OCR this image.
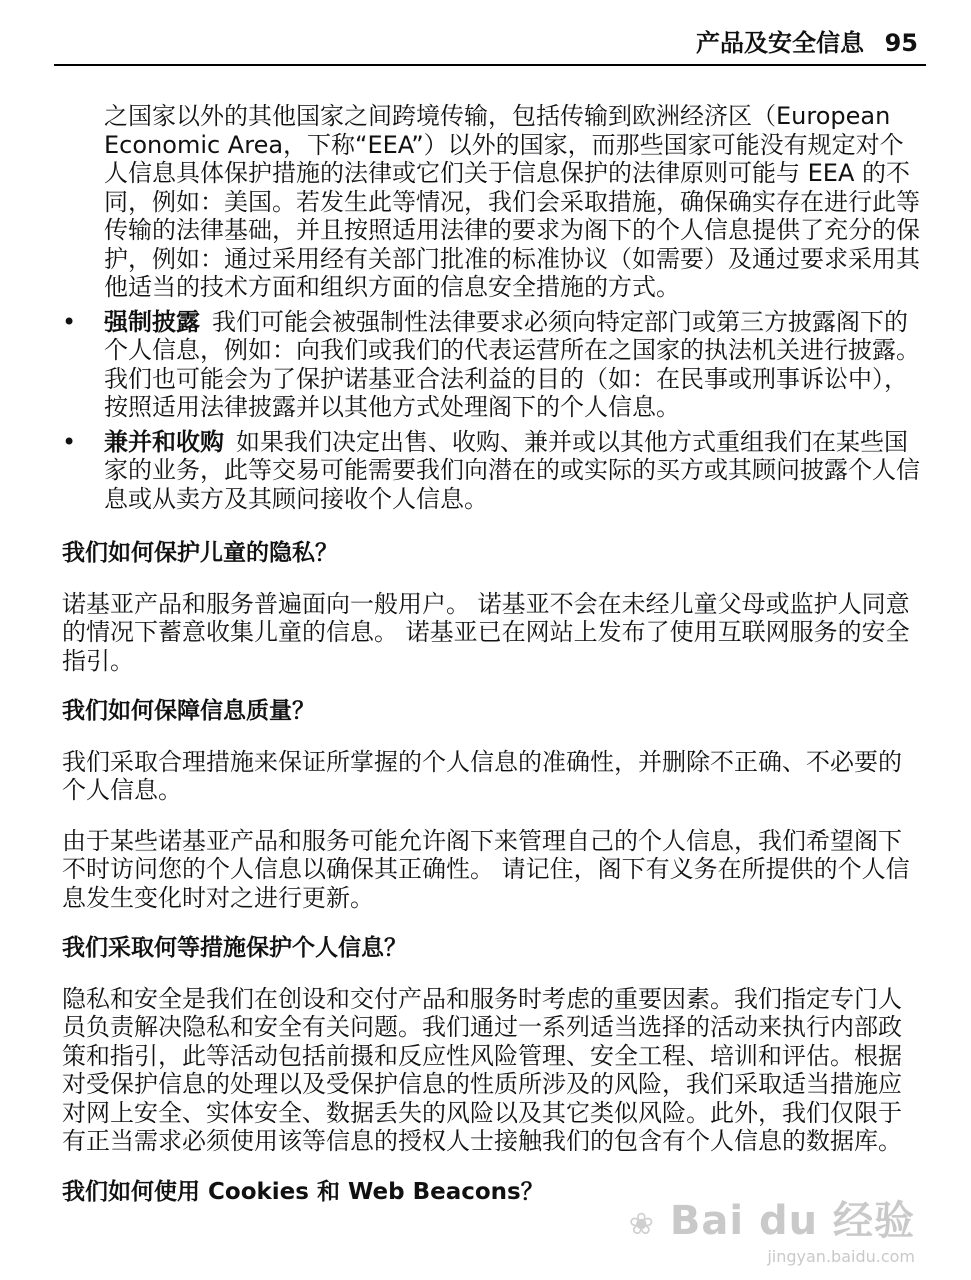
产品及安全信息 95
之国家以外的其他国家之间跨境传输，包括传输到欧洲经济区（European Economic Area，下称“EEA”）以外的国家，而那些国家可能没有规定对个人信息具体保护措施的法律或它们关于信息保护的法律原则可能与 EEA 的不同，例如：美国。若发生此等情况，我们会采取措施，确保确实存在进行此等传输的法律基础，并且按照适用法律的要求为阁下的个人信息提供了充分的保护，例如：通过采用经有关部门批准的标准协议（如需要）及通过要求采用其他适当的技术方面和组织方面的信息安全措施的方式。
• 强制披露 我们可能会被强制性法律要求必须向特定部门或第三方披露阁下的个人信息，例如：向我们或我们的代表运营所在之国家的执法机关进行披露。我们也可能会为了保护诺基亚合法利益的目的（如：在民事或刑事诉讼中），按照适用法律披露并以其他方式处理阁下的个人信息。
• 兼并和收购 如果我们决定出售、收购、兼并或以其他方式重组我们在某些国家的业务，此等交易可能需要我们向潜在的或实际的买方或其顾问披露个人信息或从卖方及其顾问接收个人信息。
我们如何保护儿童的隐私？

诺基亚产品和服务普遍面向一般用户。 诺基亚不会在未经儿童父母或监护人同意的情况下蓄意收集儿童的信息。 诺基亚已在网站上发布了使用互联网服务的安全指引。

我们如何保障信息质量？

我们采取合理措施来保证所掌握的个人信息的准确性，并删除不正确、不必要的个人信息。

由于某些诺基亚产品和服务可能允许阁下来管理自己的个人信息，我们希望阁下不时访问您的个人信息以确保其正确性。 请记住，阁下有义务在所提供的个人信息发生变化时对之进行更新。

我们采取何等措施保护个人信息？

隐私和安全是我们在创设和交付产品和服务时考虑的重要因素。我们指定专门人员负责解决隐私和安全有关问题。我们通过一系列适当选择的活动来执行内部政策和指引，此等活动包括前摄和反应性风险管理、安全工程、培训和评估。根据对受保护信息的处理以及受保护信息的性质所涉及的风险，我们采取适当措施应对网上安全、实体安全、数据丢失的风险以及其它类似风险。此外，我们仅限于有正当需求必须使用该等信息的授权人士接触我们的包含有个人信息的数据库。

我们如何使用 Cookies 和 Web Beacons？
❀ Bai du 经验
jingyan.baidu.com
